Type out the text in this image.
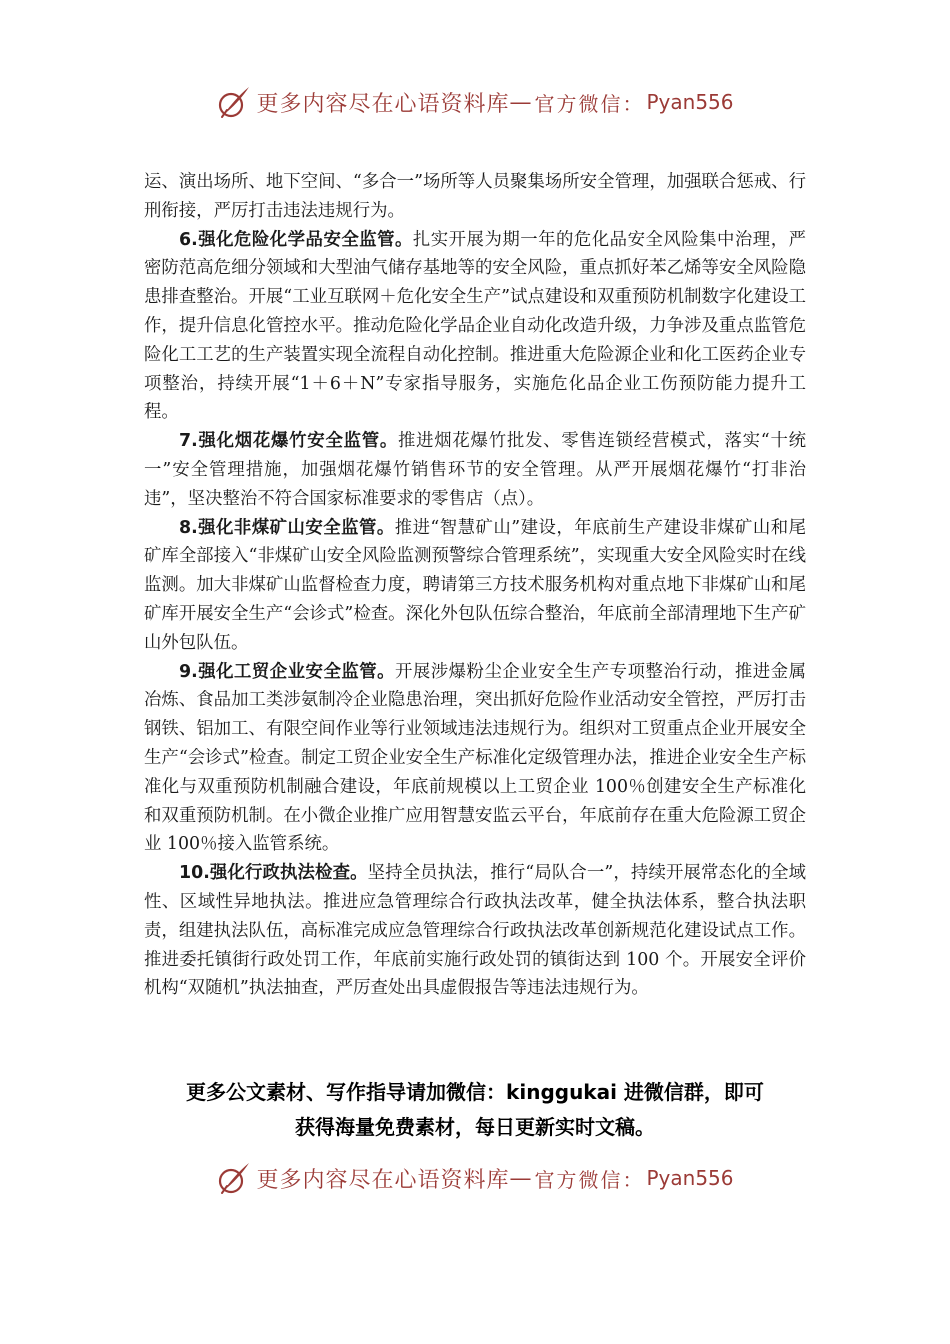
更多内容尽在心语资料库 — 官方微信： Pyan556

运、演出场所、地下空间、“多合一”场所等人员聚集场所安全管理，加强联合惩戒、行刑衔接，严厉打击违法违规行为。

6.强化危险化学品安全监管。扎实开展为期一年的危化品安全风险集中治理，严密防范高危细分领域和大型油气储存基地等的安全风险，重点抓好苯乙烯等安全风险隐患排查整治。开展“工业互联网＋危化安全生产”试点建设和双重预防机制数字化建设工作，提升信息化管控水平。推动危险化学品企业自动化改造升级，力争涉及重点监管危险化工工艺的生产装置实现全流程自动化控制。推进重大危险源企业和化工医药企业专项整治，持续开展“1＋6＋N”专家指导服务，实施危化品企业工伤预防能力提升工程。

7.强化烟花爆竹安全监管。推进烟花爆竹批发、零售连锁经营模式，落实“十统一”安全管理措施，加强烟花爆竹销售环节的安全管理。从严开展烟花爆竹“打非治违”，坚决整治不符合国家标准要求的零售店（点）。

8.强化非煤矿山安全监管。推进“智慧矿山”建设，年底前生产建设非煤矿山和尾矿库全部接入“非煤矿山安全风险监测预警综合管理系统”，实现重大安全风险实时在线监测。加大非煤矿山监督检查力度，聘请第三方技术服务机构对重点地下非煤矿山和尾矿库开展安全生产“会诊式”检查。深化外包队伍综合整治，年底前全部清理地下生产矿山外包队伍。

9.强化工贸企业安全监管。开展涉爆粉尘企业安全生产专项整治行动，推进金属冶炼、食品加工类涉氨制冷企业隐患治理，突出抓好危险作业活动安全管控，严厉打击钢铁、铝加工、有限空间作业等行业领域违法违规行为。组织对工贸重点企业开展安全生产“会诊式”检查。制定工贸企业安全生产标准化定级管理办法，推进企业安全生产标准化与双重预防机制融合建设，年底前规模以上工贸企业 100％创建安全生产标准化和双重预防机制。在小微企业推广应用智慧安监云平台，年底前存在重大危险源工贸企业 100％接入监管系统。

10.强化行政执法检查。坚持全员执法，推行“局队合一”，持续开展常态化的全域性、区域性异地执法。推进应急管理综合行政执法改革，健全执法体系，整合执法职责，组建执法队伍，高标准完成应急管理综合行政执法改革创新规范化建设试点工作。推进委托镇街行政处罚工作，年底前实施行政处罚的镇街达到 100 个。开展安全评价机构“双随机”执法抽查，严厉查处出具虚假报告等违法违规行为。

更多公文素材、写作指导请加微信：kinggukai 进微信群，即可
获得海量免费素材，每日更新实时文稿。
更多内容尽在心语资料库 — 官方微信： Pyan556
